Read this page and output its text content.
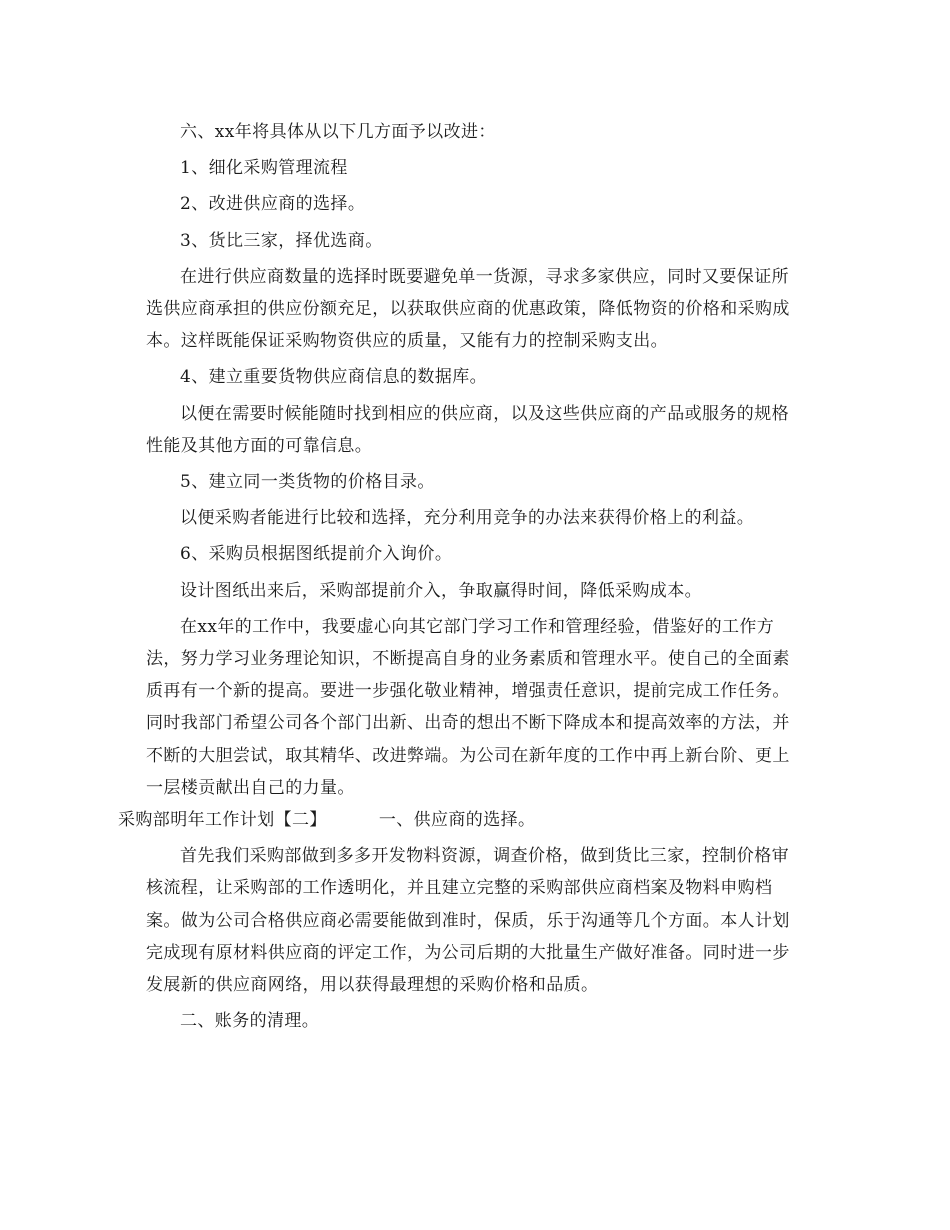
六、xx年将具体从以下几方面予以改进：

1、细化采购管理流程

2、改进供应商的选择。

3、货比三家，择优选商。

在进行供应商数量的选择时既要避免单一货源，寻求多家供应，同时又要保证所选供应商承担的供应份额充足，以获取供应商的优惠政策，降低物资的价格和采购成本。这样既能保证采购物资供应的质量，又能有力的控制采购支出。

4、建立重要货物供应商信息的数据库。

以便在需要时候能随时找到相应的供应商，以及这些供应商的产品或服务的规格性能及其他方面的可靠信息。

5、建立同一类货物的价格目录。

以便采购者能进行比较和选择，充分利用竞争的办法来获得价格上的利益。

6、采购员根据图纸提前介入询价。

设计图纸出来后，采购部提前介入，争取赢得时间，降低采购成本。

在xx年的工作中，我要虚心向其它部门学习工作和管理经验，借鉴好的工作方法，努力学习业务理论知识，不断提高自身的业务素质和管理水平。使自己的全面素质再有一个新的提高。要进一步强化敬业精神，增强责任意识，提前完成工作任务。同时我部门希望公司各个部门出新、出奇的想出不断下降成本和提高效率的方法，并不断的大胆尝试，取其精华、改进弊端。为公司在新年度的工作中再上新台阶、更上一层楼贡献出自己的力量。

采购部明年工作计划【二】	一、供应商的选择。

首先我们采购部做到多多开发物料资源，调查价格，做到货比三家，控制价格审核流程，让采购部的工作透明化，并且建立完整的采购部供应商档案及物料申购档案。做为公司合格供应商必需要能做到准时，保质，乐于沟通等几个方面。本人计划完成现有原材料供应商的评定工作，为公司后期的大批量生产做好准备。同时进一步发展新的供应商网络，用以获得最理想的采购价格和品质。

二、账务的清理。
